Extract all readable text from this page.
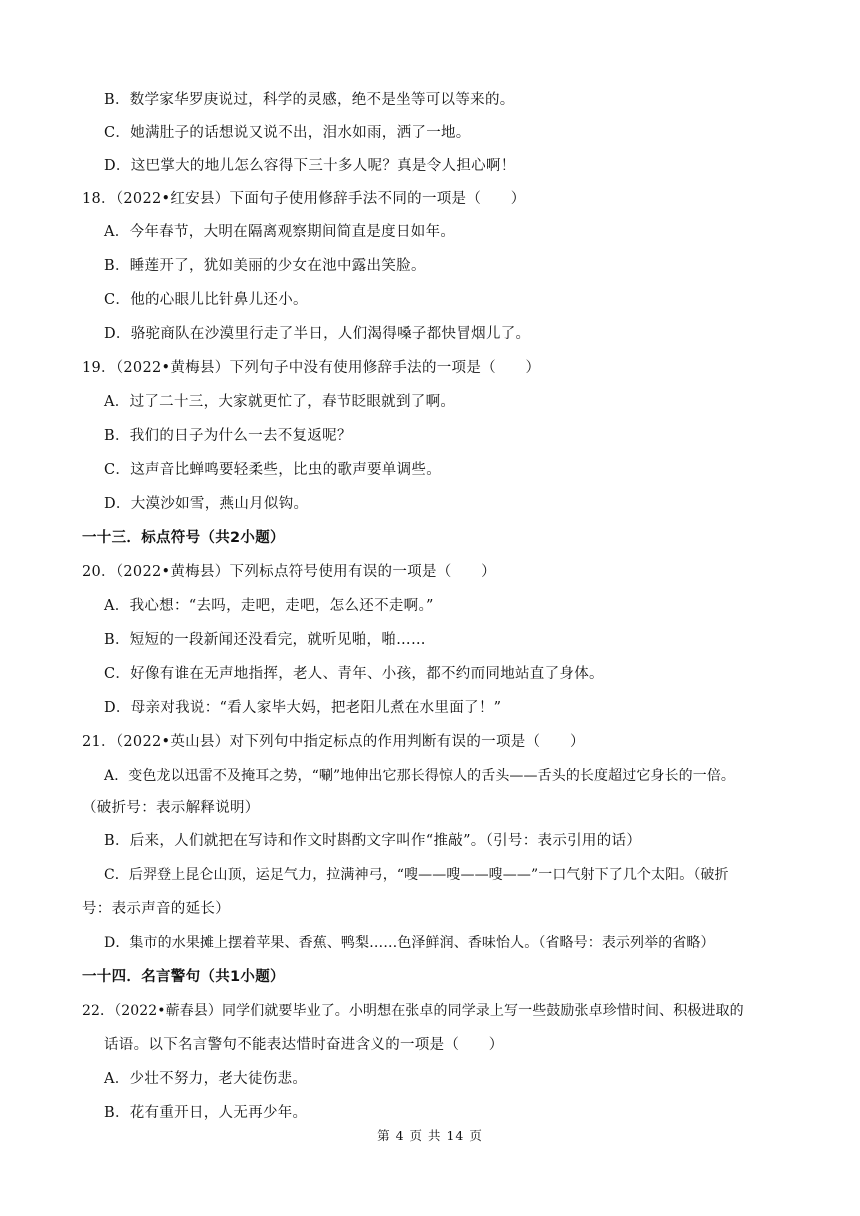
B．数学家华罗庚说过，科学的灵感，绝不是坐等可以等来的。
C．她满肚子的话想说又说不出，泪水如雨，洒了一地。
D．这巴掌大的地儿怎么容得下三十多人呢？真是令人担心啊！
18．（2022•红安县）下面句子使用修辞手法不同的一项是（　　）
A．今年春节，大明在隔离观察期间简直是度日如年。
B．睡莲开了，犹如美丽的少女在池中露出笑脸。
C．他的心眼儿比针鼻儿还小。
D．骆驼商队在沙漠里行走了半日，人们渴得嗓子都快冒烟儿了。
19．（2022•黄梅县）下列句子中没有使用修辞手法的一项是（　　）
A．过了二十三，大家就更忙了，春节眨眼就到了啊。
B．我们的日子为什么一去不复返呢？
C．这声音比蝉鸣要轻柔些，比虫的歌声要单调些。
D．大漠沙如雪，燕山月似钩。
一十三．标点符号（共2小题）
20．（2022•黄梅县）下列标点符号使用有误的一项是（　　）
A．我心想：“去吗，走吧，走吧，怎么还不走啊。”
B．短短的一段新闻还没看完，就听见啪，啪……
C．好像有谁在无声地指挥，老人、青年、小孩，都不约而同地站直了身体。
D．母亲对我说：“看人家毕大妈，把老阳儿煮在水里面了！”
21．（2022•英山县）对下列句中指定标点的作用判断有误的一项是（　　）
A．变色龙以迅雷不及掩耳之势，“唰”地伸出它那长得惊人的舌头——舌头的长度超过它身长的一倍。
（破折号：表示解释说明）
B．后来，人们就把在写诗和作文时斟酌文字叫作“推敲”。（引号：表示引用的话）
C．后羿登上昆仑山顶，运足气力，拉满神弓，“嗖——嗖——嗖——”一口气射下了几个太阳。（破折
号：表示声音的延长）
D．集市的水果摊上摆着苹果、香蕉、鸭梨……色泽鲜润、香味怡人。（省略号：表示列举的省略）
一十四．名言警句（共1小题）
22．（2022•蕲春县）同学们就要毕业了。小明想在张卓的同学录上写一些鼓励张卓珍惜时间、积极进取的
话语。以下名言警句不能表达惜时奋进含义的一项是（　　）
A．少壮不努力，老大徒伤悲。
B．花有重开日，人无再少年。
第 4 页 共 14 页
